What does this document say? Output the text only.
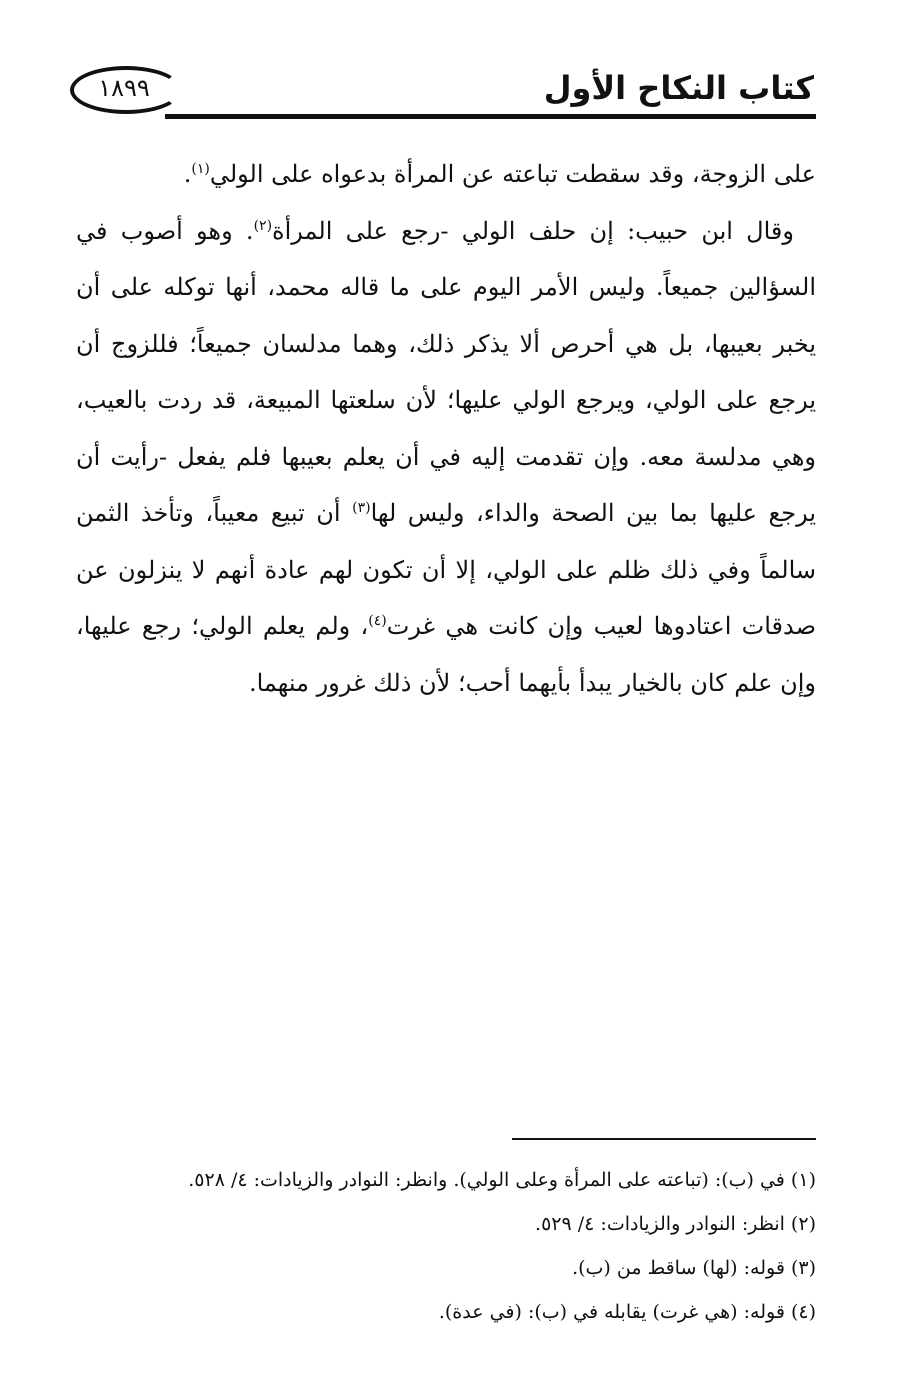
١٨٩٩	كتاب النكاح الأول

على الزوجة، وقد سقطت تباعته عن المرأة بدعواه على الولي$^{(١)}$.

وقال ابن حبيب: إن حلف الولي -رجع على المرأة$^{(٢)}$. وهو أصوب في السؤالين جميعاً. وليس الأمر اليوم على ما قاله محمد، أنها توكله على أن يخبر بعيبها، بل هي أحرص ألا يذكر ذلك، وهما مدلسان جميعاً؛ فللزوج أن يرجع على الولي، ويرجع الولي عليها؛ لأن سلعتها المبيعة، قد ردت بالعيب، وهي مدلسة معه. وإن تقدمت إليه في أن يعلم بعيبها فلم يفعل -رأيت أن يرجع عليها بما بين الصحة والداء، وليس لها$^{(٣)}$ أن تبيع معيباً، وتأخذ الثمن سالماً وفي ذلك ظلم على الولي، إلا أن تكون لهم عادة أنهم لا ينزلون عن صدقات اعتادوها لعيب وإن كانت هي غرت$^{(٤)}$، ولم يعلم الولي؛ رجع عليها، وإن علم كان بالخيار يبدأ بأيهما أحب؛ لأن ذلك غرور منهما.

(١) في (ب): (تباعته على المرأة وعلى الولي). وانظر: النوادر والزيادات: ٤/ ٥٢٨.

(٢) انظر: النوادر والزيادات: ٤/ ٥٢٩.

(٣) قوله: (لها) ساقط من (ب).

(٤) قوله: (هي غرت) يقابله في (ب): (في عدة).
